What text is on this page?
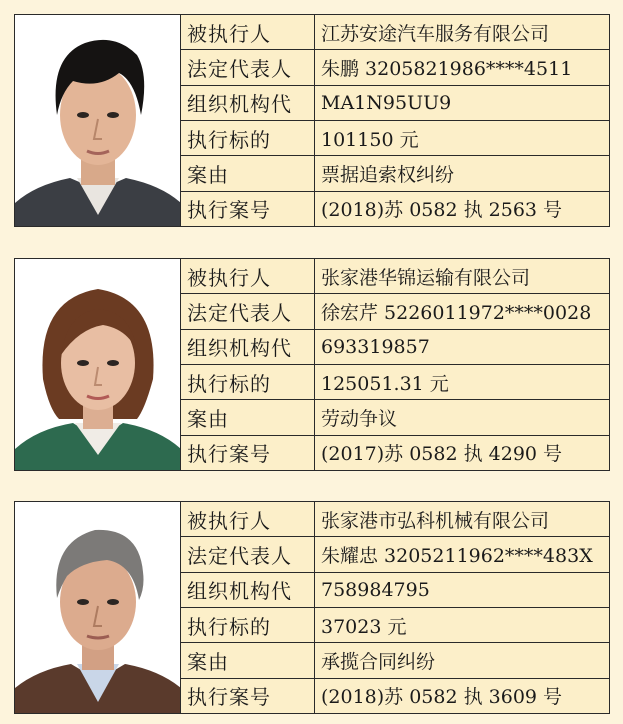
被执行人	江苏安途汽车服务有限公司
法定代表人	朱鹏 3205821986****4511
组织机构代	MA1N95UU9
执行标的	101150 元
案由	票据追索权纠纷
执行案号	(2018)苏 0582 执 2563 号
被执行人	张家港华锦运输有限公司
法定代表人	徐宏芹 5226011972****0028
组织机构代	693319857
执行标的	125051.31 元
案由	劳动争议
执行案号	(2017)苏 0582 执 4290 号
被执行人	张家港市弘科机械有限公司
法定代表人	朱耀忠 3205211962****483X
组织机构代	758984795
执行标的	37023 元
案由	承揽合同纠纷
执行案号	(2018)苏 0582 执 3609 号
